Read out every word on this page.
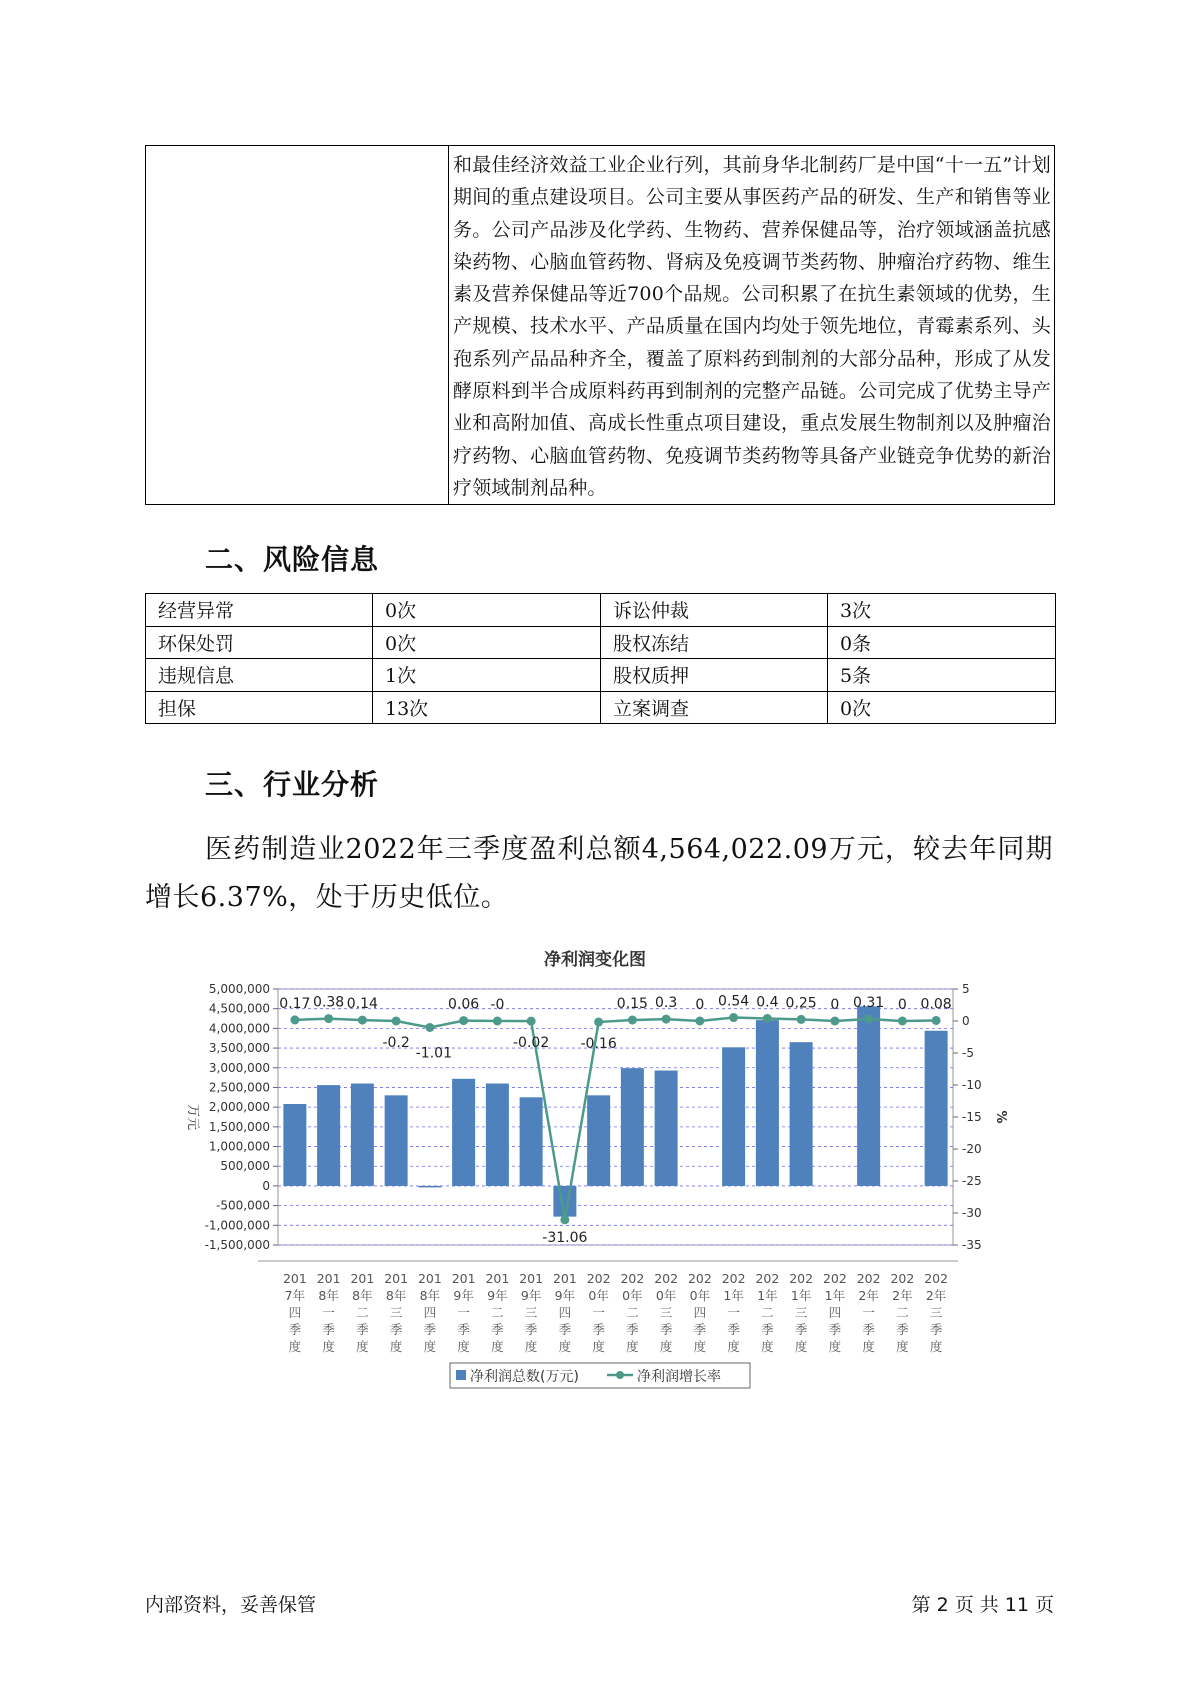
和最佳经济效益工业企业行列，其前身华北制药厂是中国“十一五”计划期间的重点建设项目。公司主要从事医药产品的研发、生产和销售等业务。公司产品涉及化学药、生物药、营养保健品等，治疗领域涵盖抗感染药物、心脑血管药物、肾病及免疫调节类药物、肿瘤治疗药物、维生素及营养保健品等近700个品规。公司积累了在抗生素领域的优势，生产规模、技术水平、产品质量在国内均处于领先地位，青霉素系列、头孢系列产品品种齐全，覆盖了原料药到制剂的大部分品种，形成了从发酵原料到半合成原料药再到制剂的完整产品链。公司完成了优势主导产业和高附加值、高成长性重点项目建设，重点发展生物制剂以及肿瘤治疗药物、心脑血管药物、免疫调节类药物等具备产业链竞争优势的新治疗领域制剂品种。
二、风险信息
经营异常	0次	诉讼仲裁	3次
环保处罚	0次	股权冻结	0条
违规信息	1次	股权质押	5条
担保	13次	立案调查	0次
三、行业分析
医药制造业2022年三季度盈利总额4,564,022.09万元，较去年同期增长6.37%，处于历史低位。
净利润变化图
5,000,000
4,500,000
4,000,000
3,500,000
3,000,000
2,500,000
2,000,000
1,500,000
1,000,000
500,000
0
-500,000
-1,000,000
-1,500,000
5
0
-5
-10
-15
-20
-25
-30
-35
万元	%
0.17 0.38 0.14
-0.2
-1.01
0.06 -0
-0.02
-31.06
-0.16
0.15 0.3 0 0.54 0.4 0.25 0 0.31 0 0.08
201
7年
四
季
度
201
8年
一
季
度
201
8年
二
季
度
201
8年
三
季
度
201
8年
四
季
度
201
9年
一
季
度
201
9年
二
季
度
201
9年
三
季
度
201
9年
四
季
度
202
0年
一
季
度
202
0年
二
季
度
202
0年
三
季
度
202
0年
四
季
度
202
1年
一
季
度
202
1年
二
季
度
202
1年
三
季
度
202
1年
四
季
度
202
2年
一
季
度
202
2年
二
季
度
202
2年
三
季
度
净利润总数(万元)	净利润增长率
内部资料，妥善保管	第 2 页 共 11 页
